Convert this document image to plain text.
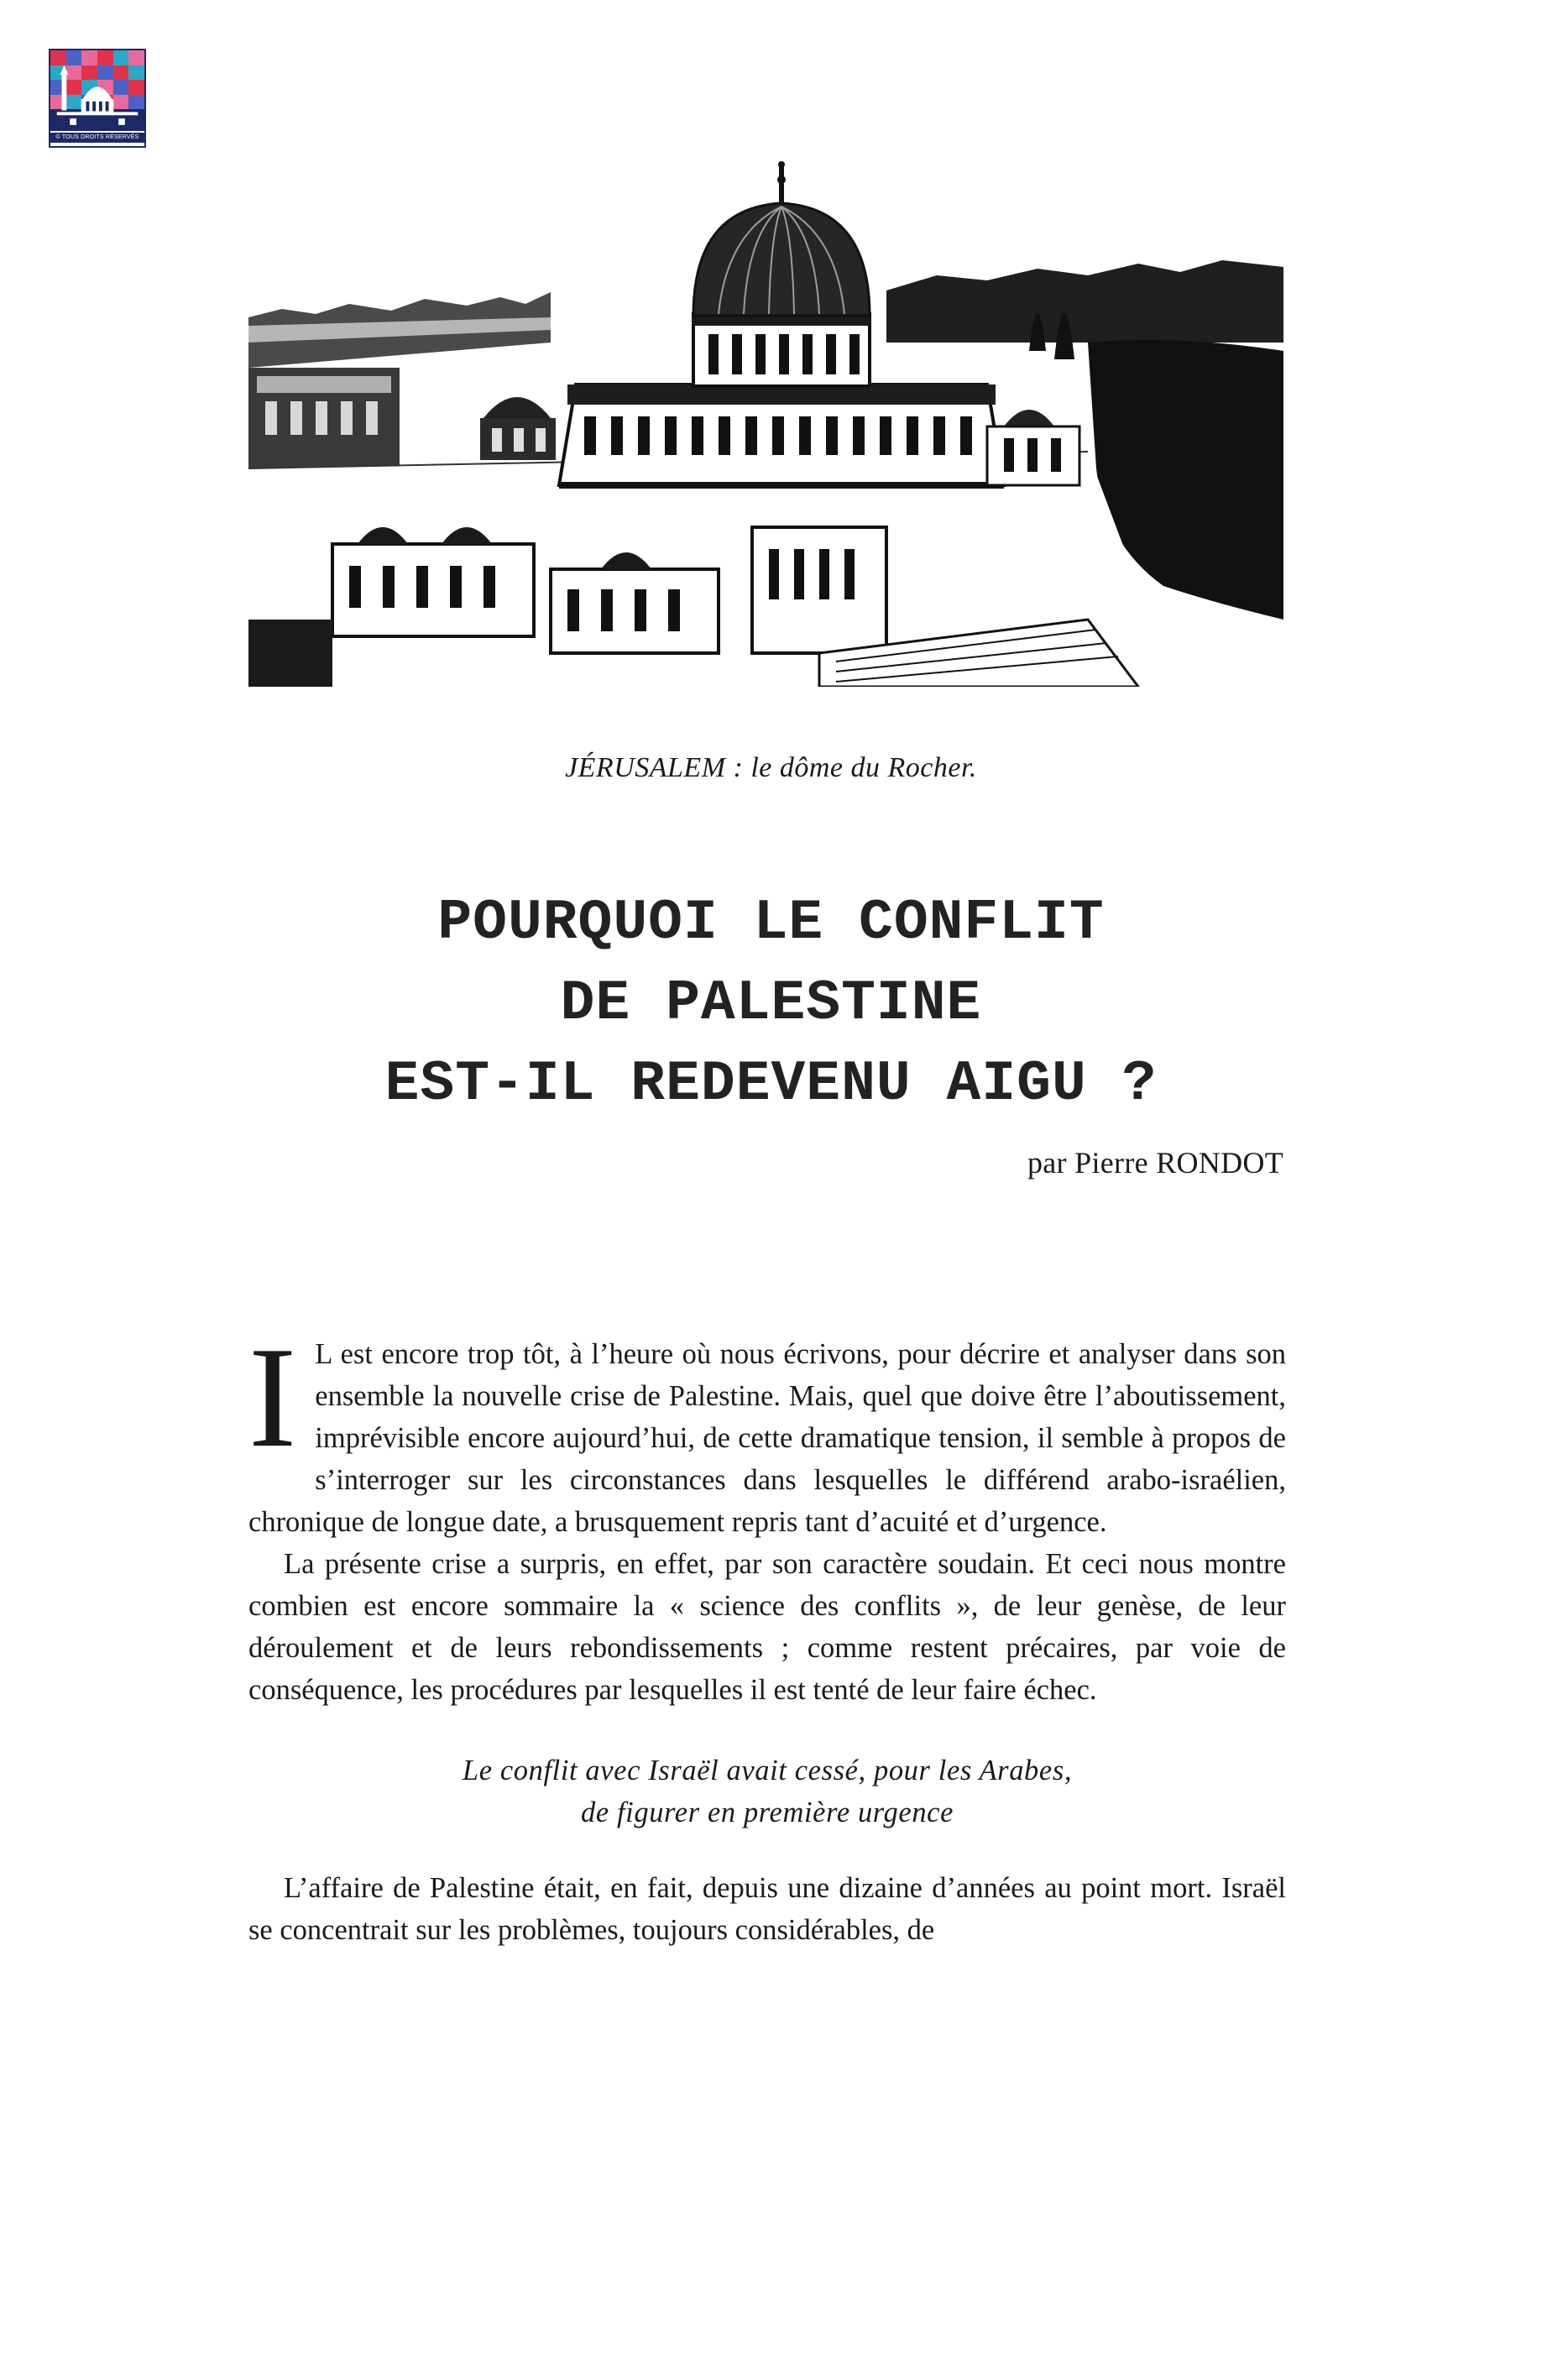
© TOUS DROITS RÉSERVÉS
JÉRUSALEM : le dôme du Rocher.
POURQUOI LE CONFLIT
DE PALESTINE
EST-IL REDEVENU AIGU ?
par Pierre RONDOT

I L est encore trop tôt, à l’heure où nous écrivons, pour décrire et analyser dans son ensemble la nouvelle crise de Palestine. Mais, quel que doive être l’aboutissement, imprévisible encore aujourd’hui, de cette dramatique tension, il semble à propos de s’interroger sur les circonstances dans lesquelles le différend arabo-israélien, chronique de longue date, a brusquement repris tant d’acuité et d’urgence.

La présente crise a surpris, en effet, par son caractère soudain. Et ceci nous montre combien est encore sommaire la « science des conflits », de leur genèse, de leur déroulement et de leurs rebondissements ; comme restent précaires, par voie de conséquence, les procédures par lesquelles il est tenté de leur faire échec.

Le conflit avec Israël avait cessé, pour les Arabes,
de figurer en première urgence

L’affaire de Palestine était, en fait, depuis une dizaine d’années au point mort. Israël se concentrait sur les problèmes, toujours considérables, de
